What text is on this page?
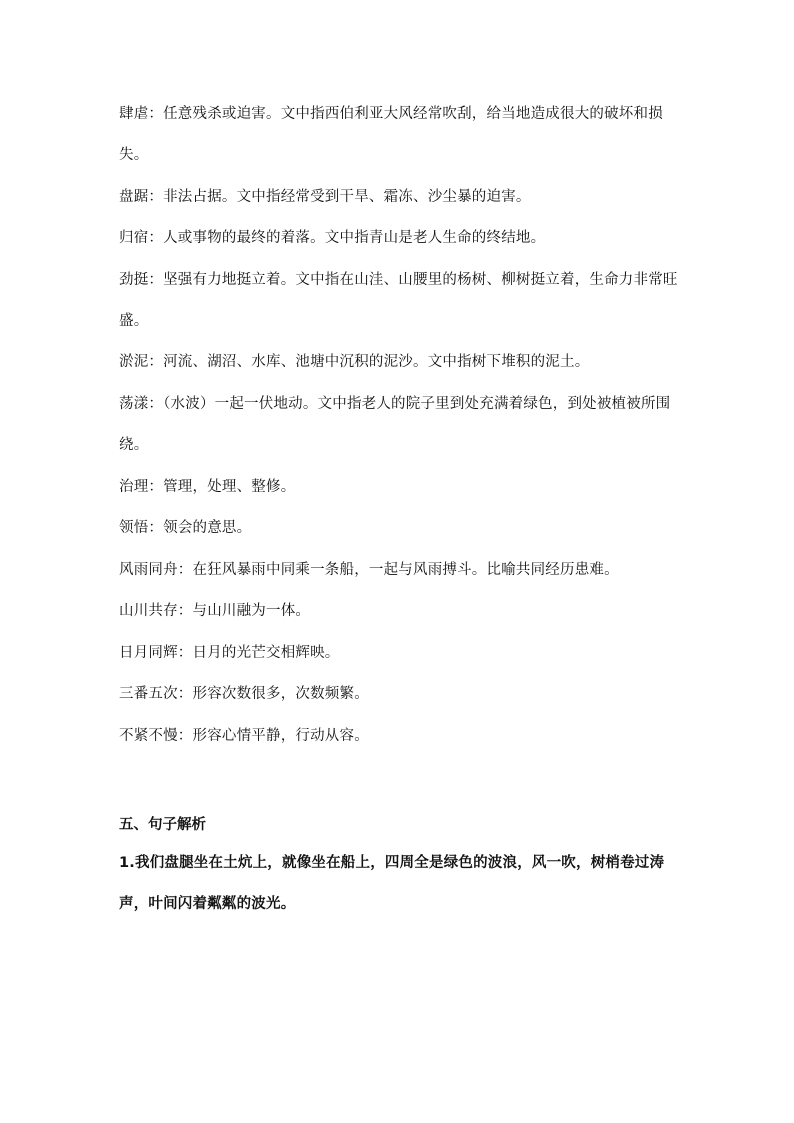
肆虐：任意残杀或迫害。文中指西伯利亚大风经常吹刮，给当地造成很大的破坏和损失。

盘踞：非法占据。文中指经常受到干旱、霜冻、沙尘暴的迫害。

归宿：人或事物的最终的着落。文中指青山是老人生命的终结地。

劲挺：坚强有力地挺立着。文中指在山洼、山腰里的杨树、柳树挺立着，生命力非常旺盛。

淤泥：河流、湖沼、水库、池塘中沉积的泥沙。文中指树下堆积的泥土。

荡漾：（水波）一起一伏地动。文中指老人的院子里到处充满着绿色，到处被植被所围绕。

治理：管理，处理、整修。

领悟：领会的意思。

风雨同舟：在狂风暴雨中同乘一条船，一起与风雨搏斗。比喻共同经历患难。

山川共存：与山川融为一体。

日月同辉：日月的光芒交相辉映。

三番五次：形容次数很多，次数频繁。

不紧不慢：形容心情平静，行动从容。

五、句子解析

1.我们盘腿坐在土炕上，就像坐在船上，四周全是绿色的波浪，风一吹，树梢卷过涛声，叶间闪着粼粼的波光。
